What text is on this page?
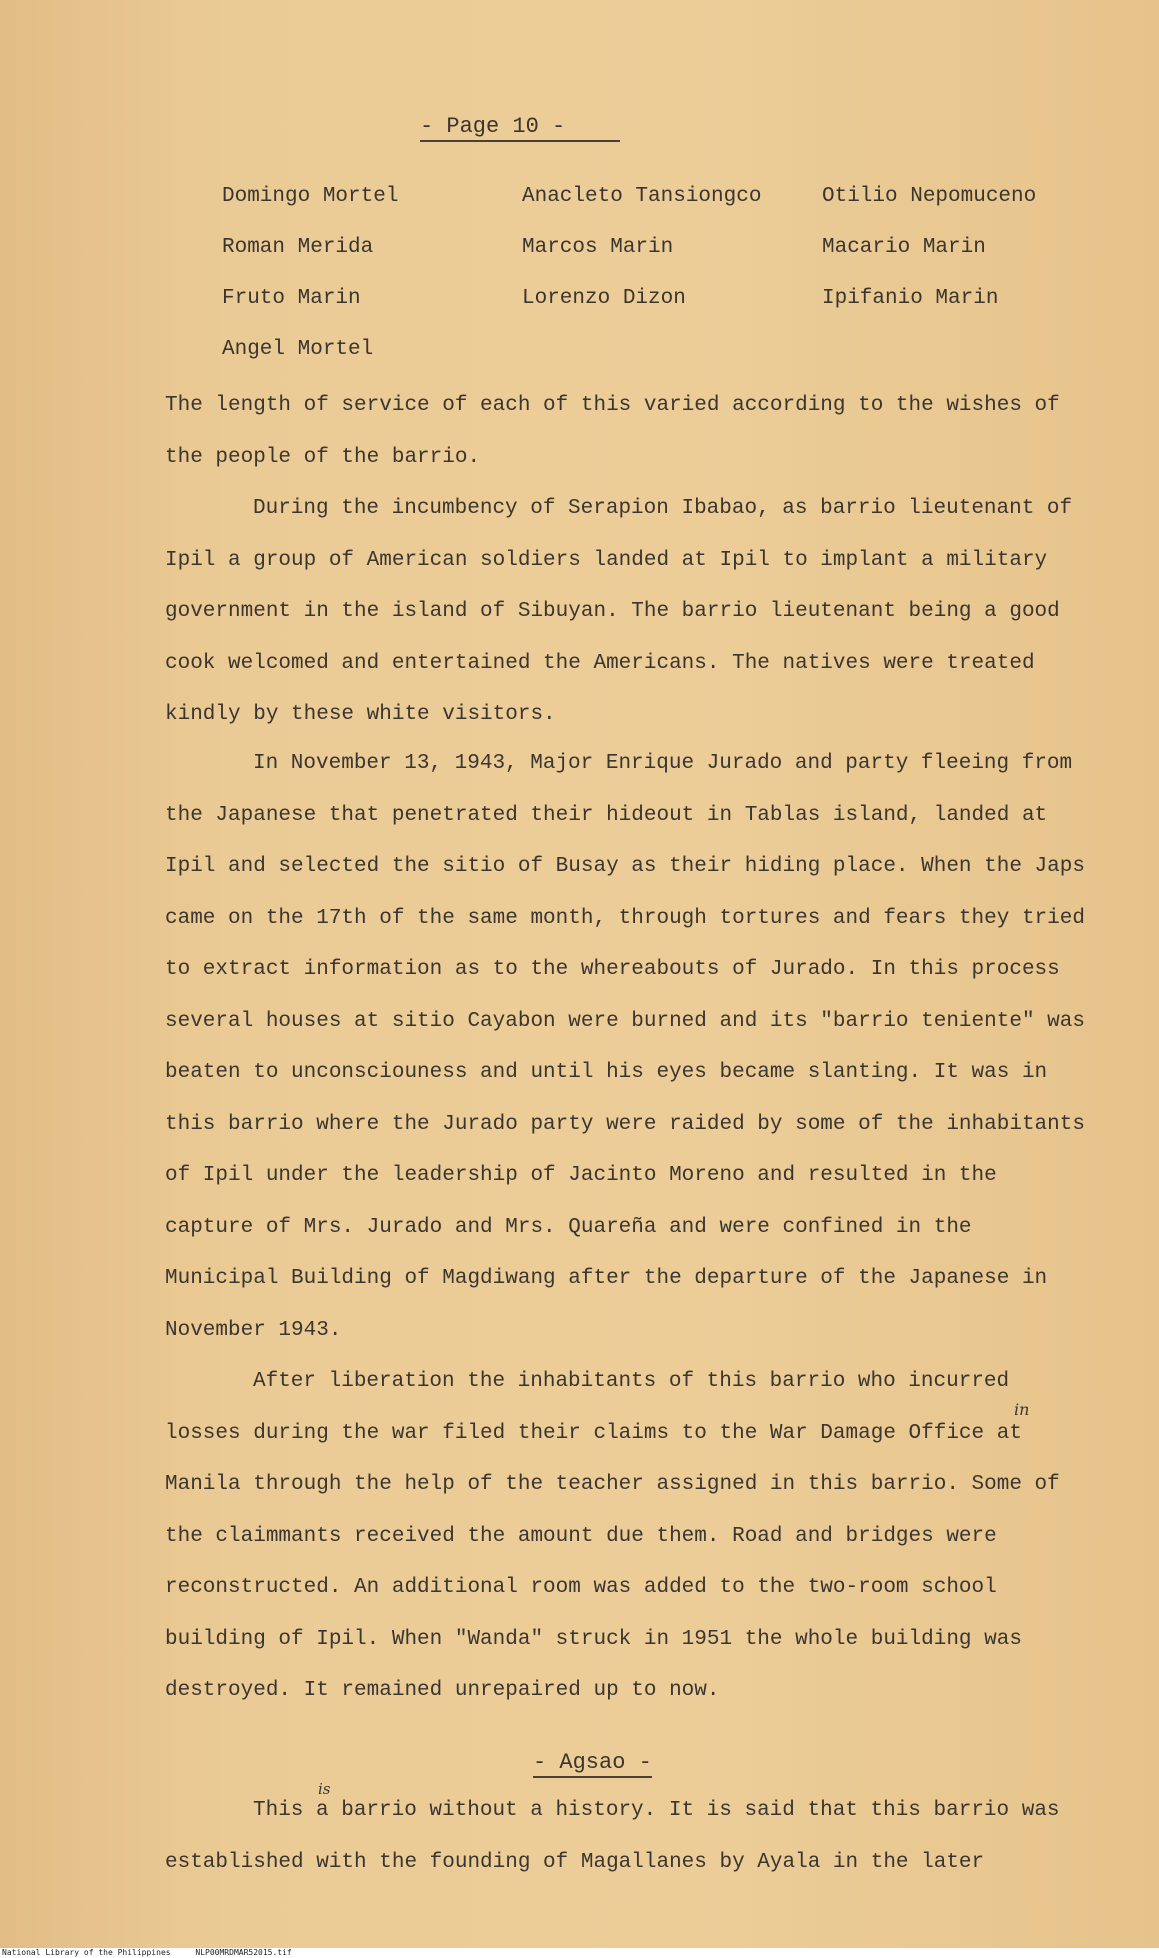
- Page 10 -
Domingo Mortel	Anacleto Tansiongco	Otilio Nepomuceno
Roman Merida	Marcos Marin	Macario Marin
Fruto Marin	Lorenzo Dizon	Ipifanio Marin
Angel Mortel

The length of service of each of this varied according to the wishes of the people of the barrio.

During the incumbency of Serapion Ibabao, as barrio lieutenant of Ipil a group of American soldiers landed at Ipil to implant a military government in the island of Sibuyan. The barrio lieutenant being a good cook welcomed and entertained the Americans. The natives were treated kindly by these white visitors.

In November 13, 1943, Major Enrique Jurado and party fleeing from the Japanese that penetrated their hideout in Tablas island, landed at Ipil and selected the sitio of Busay as their hiding place. When the Japs came on the 17th of the same month, through tortures and fears they tried to extract information as to the whereabouts of Jurado. In this process several houses at sitio Cayabon were burned and its "barrio teniente" was beaten to unconsciouness and until his eyes became slanting. It was in this barrio where the Jurado party were raided by some of the inhabitants of Ipil under the leadership of Jacinto Moreno and resulted in the capture of Mrs. Jurado and Mrs. Quareña and were confined in the Municipal Building of Magdiwang after the departure of the Japanese in November 1943.

After liberation the inhabitants of this barrio who incurred losses during the war filed their claims to the War Damage Office at Manila through the help of the teacher assigned in this barrio. Some of the claimmants received the amount due them. Road and bridges were reconstructed. An additional room was added to the two-room school building of Ipil. When "Wanda" struck in 1951 the whole building was destroyed. It remained unrepaired up to now.

in
- Agsao -
is

This a barrio without a history. It is said that this barrio was established with the founding of Magallanes by Ayala in the later

National Library of the Philippines	NLP00MRDMAR52015.tif
